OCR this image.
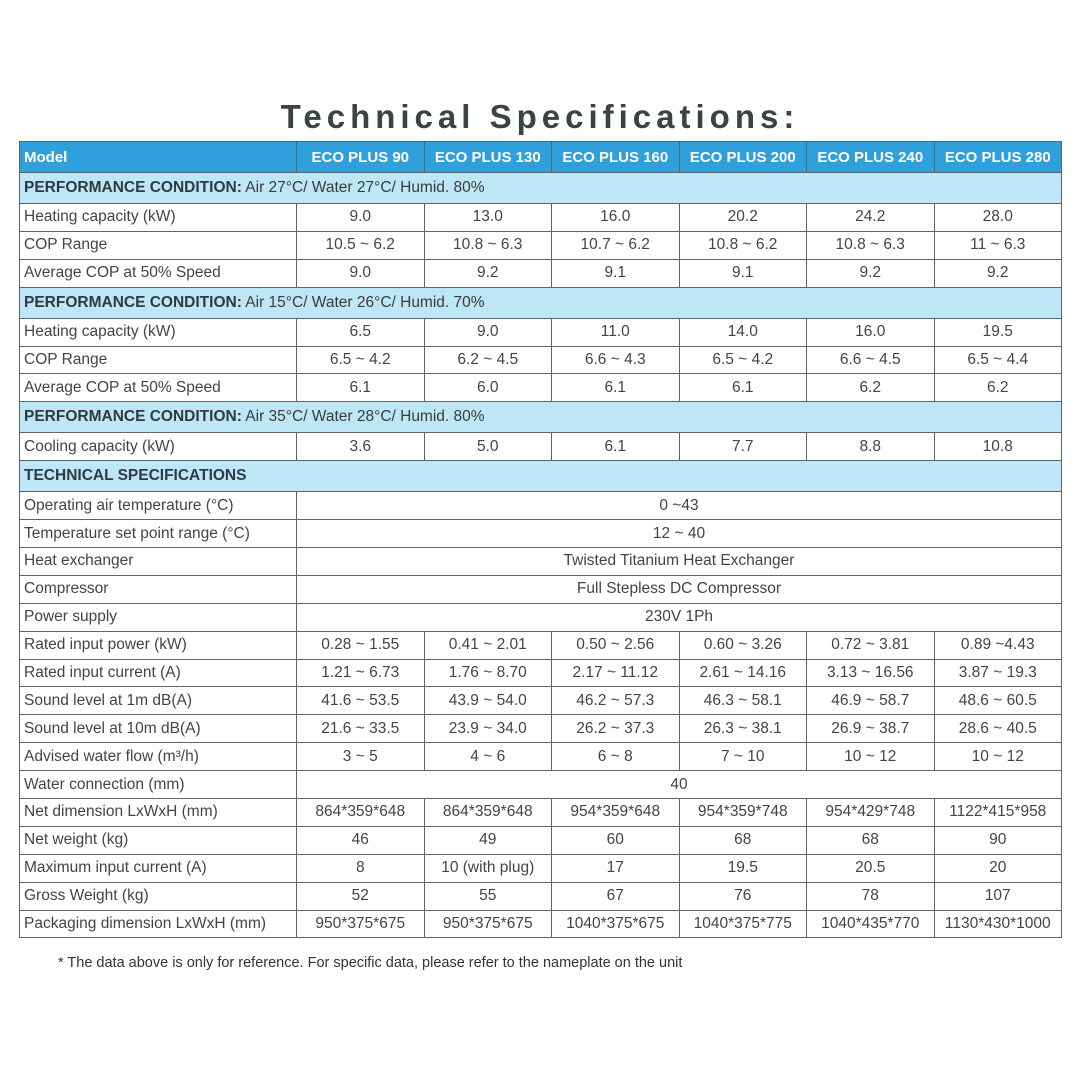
Technical Specifications:
Model	ECO PLUS 90	ECO PLUS 130	ECO PLUS 160	ECO PLUS 200	ECO PLUS 240	ECO PLUS 280
PERFORMANCE CONDITION: Air 27°C/ Water 27°C/ Humid. 80%						
Heating capacity (kW)	9.0	13.0	16.0	20.2	24.2	28.0
COP Range	10.5 ~ 6.2	10.8 ~ 6.3	10.7 ~ 6.2	10.8 ~ 6.2	10.8 ~ 6.3	11 ~ 6.3
Average COP at 50% Speed	9.0	9.2	9.1	9.1	9.2	9.2
PERFORMANCE CONDITION: Air 15°C/ Water 26°C/ Humid. 70%						
Heating capacity (kW)	6.5	9.0	11.0	14.0	16.0	19.5
COP Range	6.5 ~ 4.2	6.2 ~ 4.5	6.6 ~ 4.3	6.5 ~ 4.2	6.6 ~ 4.5	6.5 ~ 4.4
Average COP at 50% Speed	6.1	6.0	6.1	6.1	6.2	6.2
PERFORMANCE CONDITION: Air 35°C/ Water 28°C/ Humid. 80%						
Cooling capacity (kW)	3.6	5.0	6.1	7.7	8.8	10.8
TECHNICAL SPECIFICATIONS						
Operating air temperature (°C)	0 ~43					
Temperature set point range (°C)	12 ~ 40					
Heat exchanger	Twisted Titanium Heat Exchanger					
Compressor	Full Stepless DC Compressor					
Power supply	230V 1Ph					
Rated input power (kW)	0.28 ~ 1.55	0.41 ~ 2.01	0.50 ~ 2.56	0.60 ~ 3.26	0.72 ~ 3.81	0.89 ~4.43
Rated input current (A)	1.21 ~ 6.73	1.76 ~ 8.70	2.17 ~ 11.12	2.61 ~ 14.16	3.13 ~ 16.56	3.87 ~ 19.3
Sound level at 1m dB(A)	41.6 ~ 53.5	43.9 ~ 54.0	46.2 ~ 57.3	46.3 ~ 58.1	46.9 ~ 58.7	48.6 ~ 60.5
Sound level at 10m dB(A)	21.6 ~ 33.5	23.9 ~ 34.0	26.2 ~ 37.3	26.3 ~ 38.1	26.9 ~ 38.7	28.6 ~ 40.5
Advised water flow (m³/h)	3 ~ 5	4 ~ 6	6 ~ 8	7 ~ 10	10 ~ 12	10 ~ 12
Water connection (mm)	40					
Net dimension LxWxH (mm)	864*359*648	864*359*648	954*359*648	954*359*748	954*429*748	1122*415*958
Net weight (kg)	46	49	60	68	68	90
Maximum input current (A)	8	10 (with plug)	17	19.5	20.5	20
Gross Weight (kg)	52	55	67	76	78	107
Packaging dimension LxWxH (mm)	950*375*675	950*375*675	1040*375*675	1040*375*775	1040*435*770	1130*430*1000
* The data above is only for reference. For specific data, please refer to the nameplate on the unit
